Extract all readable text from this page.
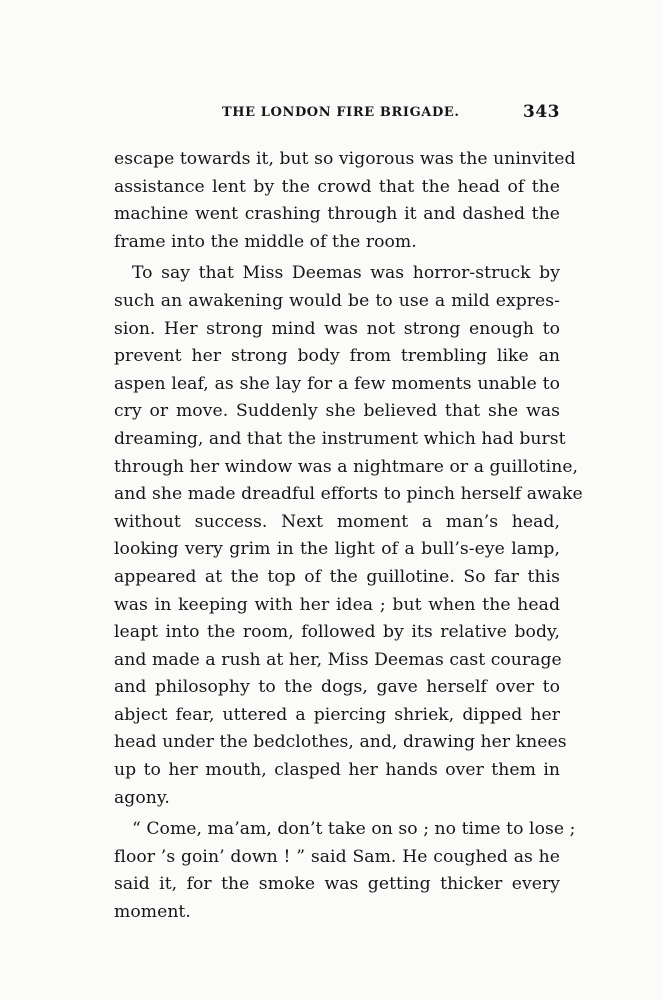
THE LONDON FIRE BRIGADE.	343
escape towards it, but so vigorous was the uninvited
assistance lent by the crowd that the head of the
machine went crashing through it and dashed the
frame into the middle of the room.
To say that Miss Deemas was horror-struck by
such an awakening would be to use a mild expres-
sion. Her strong mind was not strong enough to
prevent her strong body from trembling like an
aspen leaf, as she lay for a few moments unable to
cry or move. Suddenly she believed that she was
dreaming, and that the instrument which had burst
through her window was a nightmare or a guillotine,
and she made dreadful efforts to pinch herself awake
without success. Next moment a man’s head,
looking very grim in the light of a bull’s-eye lamp,
appeared at the top of the guillotine. So far this
was in keeping with her idea ; but when the head
leapt into the room, followed by its relative body,
and made a rush at her, Miss Deemas cast courage
and philosophy to the dogs, gave herself over to
abject fear, uttered a piercing shriek, dipped her
head under the bedclothes, and, drawing her knees
up to her mouth, clasped her hands over them in
agony.
“ Come, ma’am, don’t take on so ; no time to lose ;
floor ’s goin’ down ! ” said Sam. He coughed as he
said it, for the smoke was getting thicker every
moment.
